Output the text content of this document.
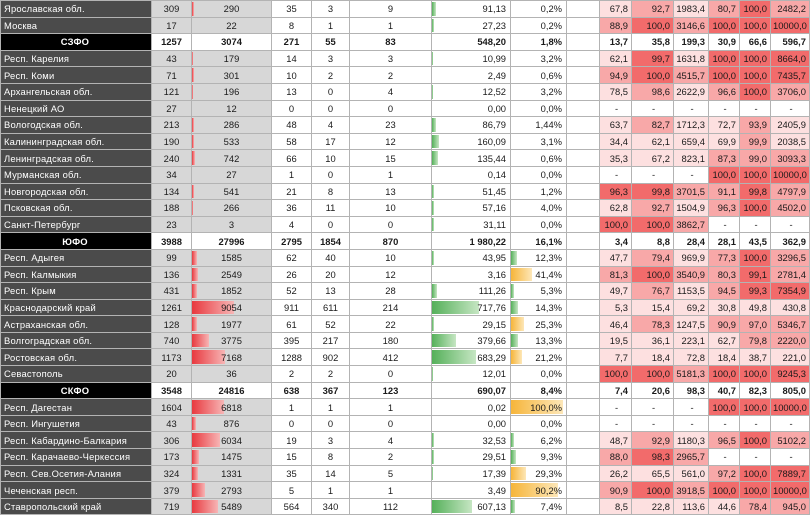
Ярославская обл.	309	290	35	3	9	91,13	0,2%		67,8	92,7	1983,4	80,7	100,0	2482,2
Москва	17	22	8	1	1	27,23	0,2%		88,9	100,0	3146,6	100,0	100,0	10000,0
СЗФО	1257	3074	271	55	83	548,20	1,8%		13,7	35,8	199,3	30,9	66,6	596,7
Респ. Карелия	43	179	14	3	3	10,99	3,2%		62,1	99,7	1631,8	100,0	100,0	8664,0
Респ. Коми	71	301	10	2	2	2,49	0,6%		94,9	100,0	4515,7	100,0	100,0	7435,7
Архангельская обл.	121	196	13	0	4	12,52	3,2%		78,5	98,6	2622,9	96,6	100,0	3706,0
Ненецкий АО	27	12	0	0	0	0,00	0,0%		-	-	-	-	-	-
Вологодская обл.	213	286	48	4	23	86,79	1,44%		63,7	82,7	1712,3	72,7	93,9	2405,9
Калининградская обл.	190	533	58	17	12	160,09	3,1%		34,4	62,1	659,4	69,9	99,9	2038,5
Ленинградская обл.	240	742	66	10	15	135,44	0,6%		35,3	67,2	823,1	87,3	99,0	3093,3
Мурманская обл.	34	27	1	0	1	0,14	0,0%		-	-	-	100,0	100,0	10000,0
Новгородская обл.	134	541	21	8	13	51,45	1,2%		96,3	99,8	3701,5	91,1	99,8	4797,9
Псковская обл.	188	266	36	11	10	57,16	4,0%		62,8	92,7	1504,9	96,3	100,0	4502,0
Санкт-Петербург	23	3	4	0	0	31,11	0,0%		100,0	100,0	3862,7	-	-	-
ЮФО	3988	27996	2795	1854	870	1 980,22	16,1%		3,4	8,8	28,4	28,1	43,5	362,9
Респ. Адыгея	99	1585	62	40	10	43,95	12,3%		47,7	79,4	969,9	77,3	100,0	3296,5
Респ. Калмыкия	136	2549	26	20	12	3,16	41,4%		81,3	100,0	3540,9	80,3	99,1	2781,4
Респ. Крым	431	1852	52	13	28	111,26	5,3%		49,7	76,7	1153,5	94,5	99,3	7354,9
Краснодарский край	1261	9054	911	611	214	717,76	14,3%		5,3	15,4	69,2	30,8	49,8	430,8
Астраханская обл.	128	1977	61	52	22	29,15	25,3%		46,4	78,3	1247,5	90,9	97,0	5346,7
Волгоградская обл.	740	3775	395	217	180	379,66	13,3%		19,5	36,1	223,1	62,7	79,8	2220,0
Ростовская обл.	1173	7168	1288	902	412	683,29	21,2%		7,7	18,4	72,8	18,4	38,7	221,0
Севастополь	20	36	2	2	0	12,01	0,0%		100,0	100,0	5181,3	100,0	100,0	9245,3
СКФО	3548	24816	638	367	123	690,07	8,4%		7,4	20,6	98,3	40,7	82,3	805,0
Респ. Дагестан	1604	6818	1	1	1	0,02	100,0%		-	-	-	100,0	100,0	10000,0
Респ. Ингушетия	43	876	0	0	0	0,00	0,0%		-	-	-	-	-	-
Респ. Кабардино-Балкария	306	6034	19	3	4	32,53	6,2%		48,7	92,9	1180,3	96,5	100,0	5102,2
Респ. Карачаево-Черкессия	173	1475	15	8	2	29,51	9,3%		88,0	98,3	2965,7	-	-	-
Респ. Сев.Осетия-Алания	324	1331	35	14	5	17,39	29,3%		26,2	65,5	561,0	97,2	100,0	7889,7
Чеченская респ.	379	2793	5	1	1	3,49	90,2%		90,9	100,0	3918,5	100,0	100,0	10000,0
Ставропольский край	719	5489	564	340	112	607,13	7,4%		8,5	22,8	113,6	44,6	78,4	945,0
